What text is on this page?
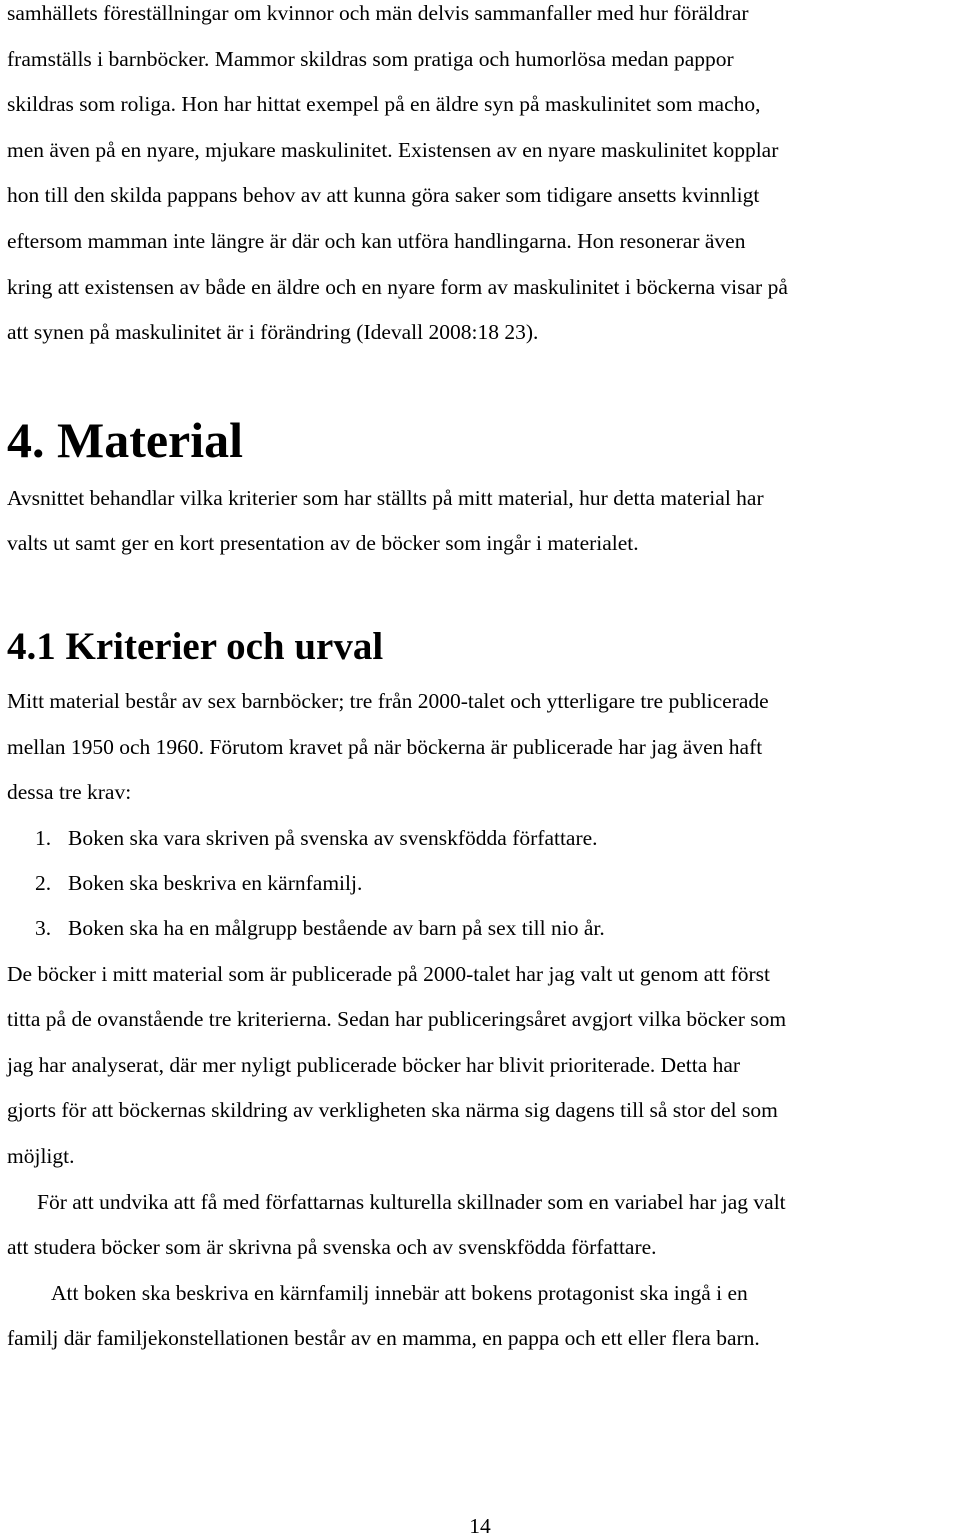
samhällets föreställningar om kvinnor och män delvis sammanfaller med hur föräldrar
framställs i barnböcker. Mammor skildras som pratiga och humorlösa medan pappor
skildras som roliga. Hon har hittat exempel på en äldre syn på maskulinitet som macho,
men även på en nyare, mjukare maskulinitet. Existensen av en nyare maskulinitet kopplar
hon till den skilda pappans behov av att kunna göra saker som tidigare ansetts kvinnligt
eftersom mamman inte längre är där och kan utföra handlingarna. Hon resonerar även
kring att existensen av både en äldre och en nyare form av maskulinitet i böckerna visar på
att synen på maskulinitet är i förändring (Idevall 2008:18 23).

4. Material

Avsnittet behandlar vilka kriterier som har ställts på mitt material, hur detta material har
valts ut samt ger en kort presentation av de böcker som ingår i materialet.

4.1 Kriterier och urval

Mitt material består av sex barnböcker; tre från 2000-talet och ytterligare tre publicerade
mellan 1950 och 1960. Förutom kravet på när böckerna är publicerade har jag även haft
dessa tre krav:

1. Boken ska vara skriven på svenska av svenskfödda författare.
2. Boken ska beskriva en kärnfamilj.
3. Boken ska ha en målgrupp bestående av barn på sex till nio år.

De böcker i mitt material som är publicerade på 2000-talet har jag valt ut genom att först
titta på de ovanstående tre kriterierna. Sedan har publiceringsåret avgjort vilka böcker som
jag har analyserat, där mer nyligt publicerade böcker har blivit prioriterade. Detta har
gjorts för att böckernas skildring av verkligheten ska närma sig dagens till så stor del som
möjligt.

För att undvika att få med författarnas kulturella skillnader som en variabel har jag valt
att studera böcker som är skrivna på svenska och av svenskfödda författare.

Att boken ska beskriva en kärnfamilj innebär att bokens protagonist ska ingå i en
familj där familjekonstellationen består av en mamma, en pappa och ett eller flera barn.

14
